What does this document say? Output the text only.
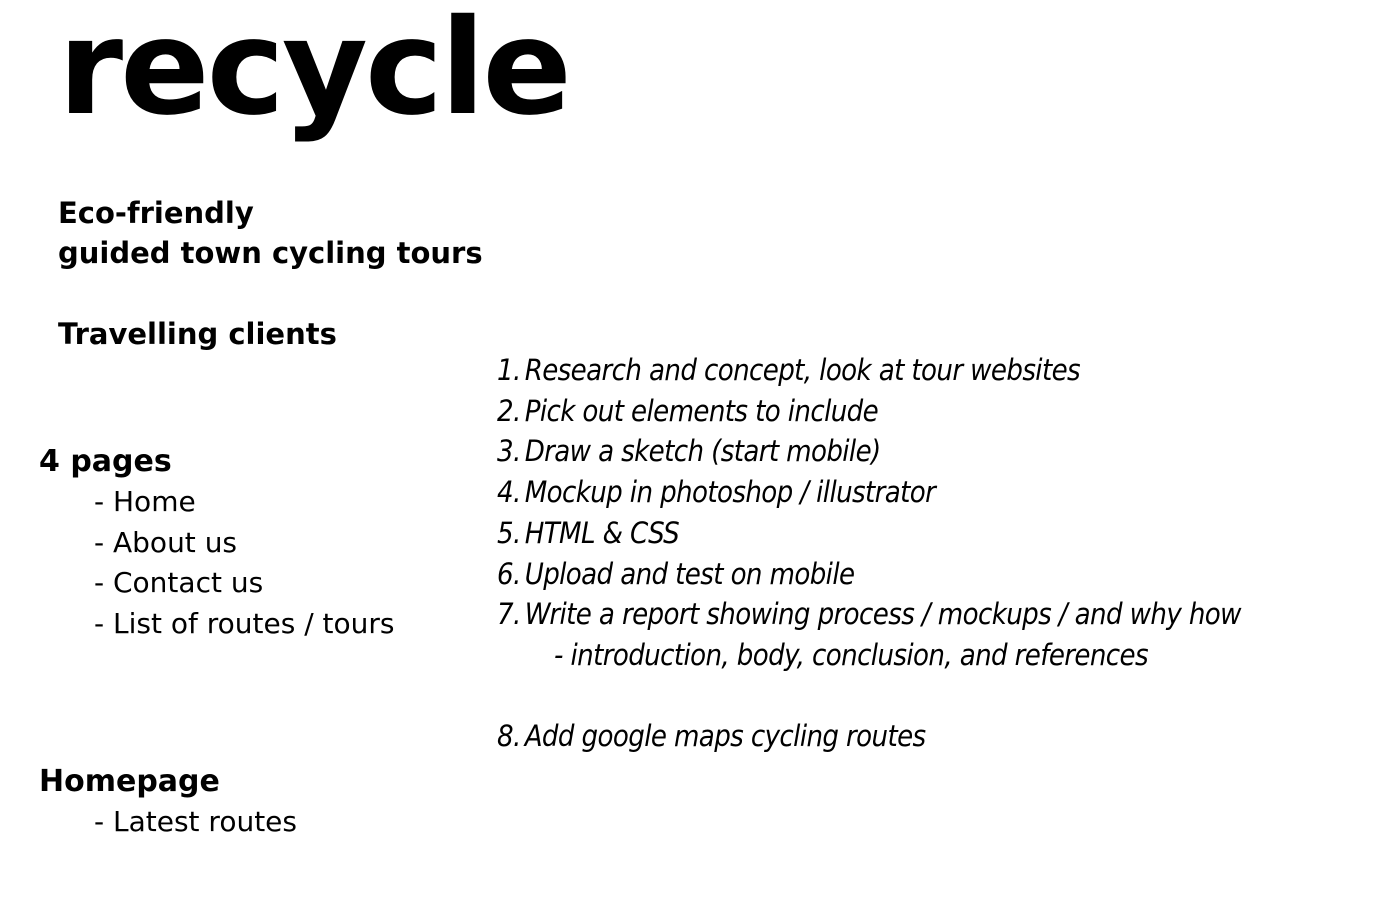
recycle
Eco-friendly
guided town cycling tours
Travelling clients
4 pages
- Home
- About us
- Contact us
- List of routes / tours
Homepage
- Latest routes
1. Research and concept, look at tour websites
2. Pick out elements to include
3. Draw a sketch (start mobile)
4. Mockup in photoshop / illustrator
5. HTML & CSS
6. Upload and test on mobile
7. Write a report showing process / mockups / and why how
- introduction, body, conclusion, and references
8. Add google maps cycling routes
